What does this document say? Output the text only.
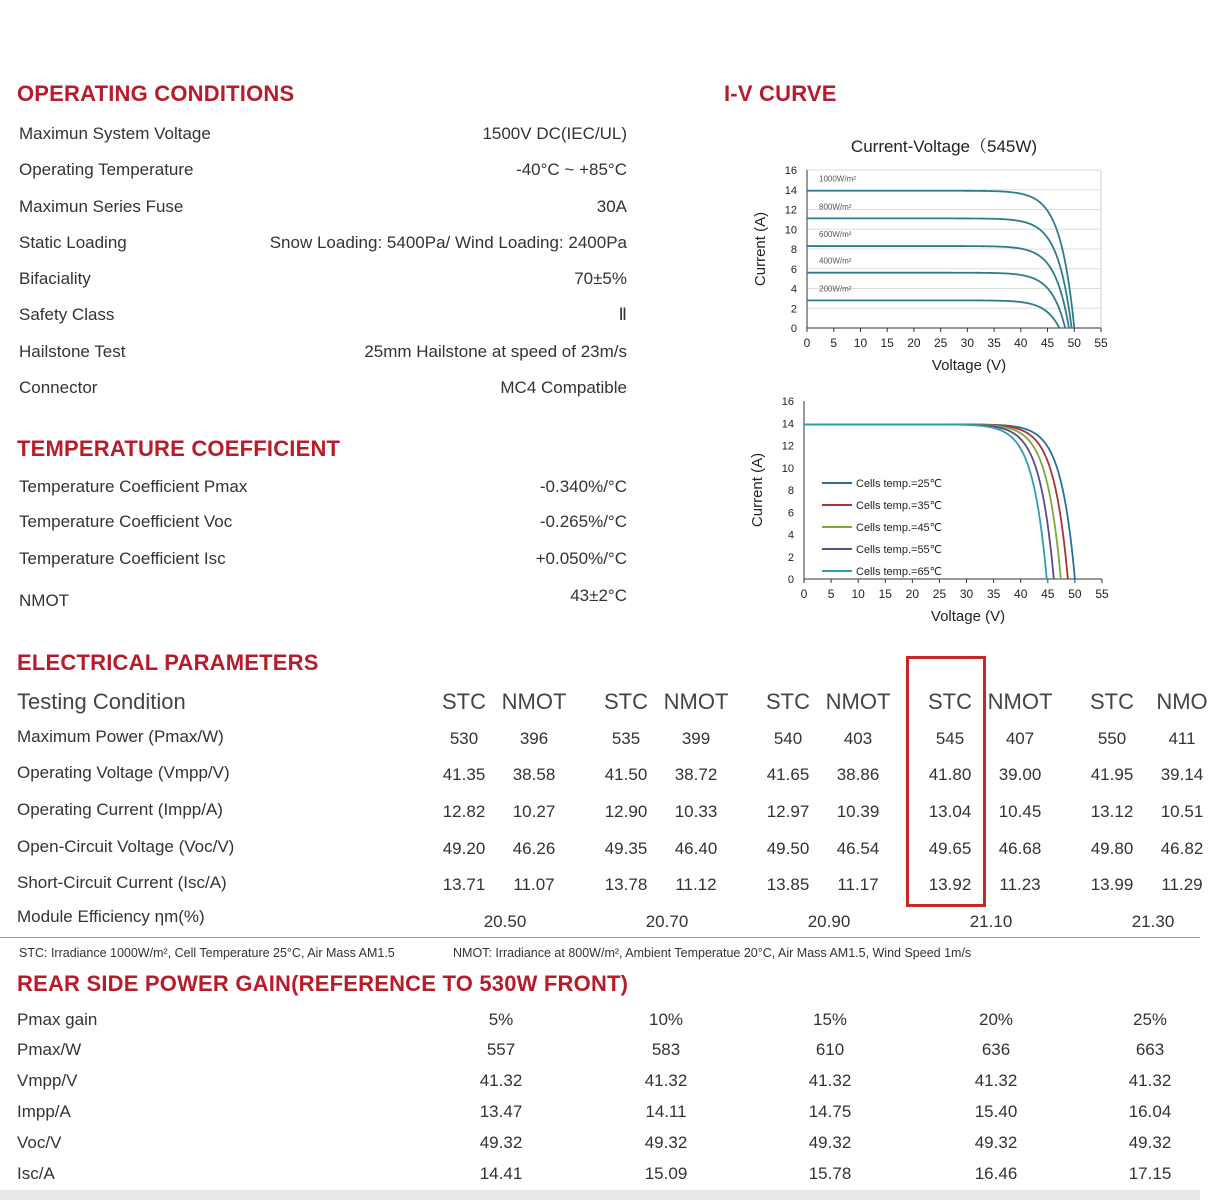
OPERATING CONDITIONS
Maximun System Voltage	1500V DC(IEC/UL)
Operating Temperature	-40°C ~ +85°C
Maximun Series Fuse	30A
Static Loading	Snow Loading: 5400Pa/ Wind Loading: 2400Pa
Bifaciality	70±5%
Safety Class	Ⅱ
Hailstone Test	25mm Hailstone at speed of 23m/s
Connector	MC4 Compatible
TEMPERATURE COEFFICIENT
Temperature Coefficient Pmax	-0.340%/°C
Temperature Coefficient Voc	-0.265%/°C
Temperature Coefficient Isc	+0.050%/°C
NMOT	43±2°C
I-V CURVE
Current-Voltage（545W)
0 5 10 15 20 25 30 35 40 45 50 55
0
2
4
6
8
10
12
14
16
Voltage (V)
Current (A)
1000W/m²
800W/m²
600W/m²
400W/m²
200W/m²
0 5 10 15 20 25 30 35 40 45 50 55
0
2
4
6
8
10
12
14
16
Voltage (V)
Current (A)	Cells temp.=25℃
Cells temp.=35℃
Cells temp.=45℃
Cells temp.=55℃
Cells temp.=65℃
ELECTRICAL PARAMETERS
Testing Condition	STC NMOT STC NMOT STC NMOT STC NMOT STC NMO
Maximum Power (Pmax/W)	530 396	535 399	540 403	545 407	550 411
Operating Voltage (Vmpp/V)	41.35 38.58	41.50 38.72	41.65 38.86	41.80 39.00	41.95 39.14
Operating Current (Impp/A)	12.82 10.27	12.90 10.33	12.97 10.39	13.04 10.45	13.12 10.51
Open-Circuit Voltage (Voc/V)	49.20 46.26	49.35 46.40	49.50 46.54	49.65 46.68	49.80 46.82
Short-Circuit Current (Isc/A)	13.71 11.07	13.78 11.12	13.85 11.17	13.92 11.23	13.99 11.29
Module Efficiency ηm(%)	20.50	20.70	20.90	21.10	21.30
STC: Irradiance 1000W/m², Cell Temperature 25°C, Air Mass AM1.5	NMOT: Irradiance at 800W/m², Ambient Temperatue 20°C, Air Mass AM1.5, Wind Speed 1m/s
REAR SIDE POWER GAIN(REFERENCE TO 530W FRONT)
Pmax gain	5%	10%	15%	20%	25%
Pmax/W	557	583	610	636	663
Vmpp/V	41.32	41.32	41.32	41.32	41.32
Impp/A	13.47	14.11	14.75	15.40	16.04
Voc/V	49.32	49.32	49.32	49.32	49.32
Isc/A	14.41	15.09	15.78	16.46	17.15
